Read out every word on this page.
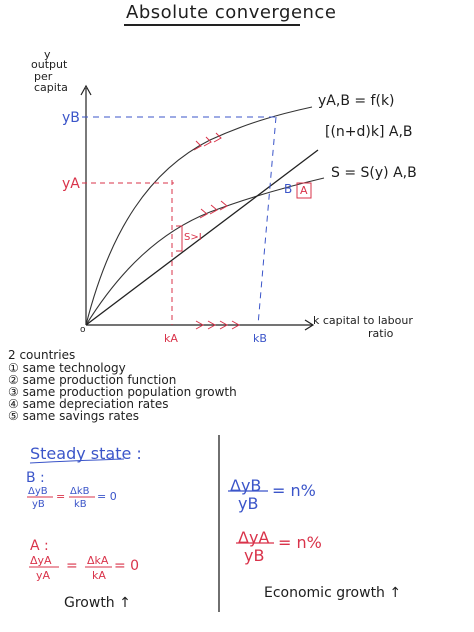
Absolute convergence
y
output
per
capita
yB
yA
kA	kB
o
yA,B = f(k)
[(n+d)k] A,B
S = S(y) A,B
B A
S>I
k capital to labour
ratio
2 countries
① same technology
② same production function
③ same production population growth
④ same depreciation rates
⑤ same savings rates
Steady state :
B :
ΔyB
yB
= ΔkB
kB
= 0
A :
ΔyA
yA
= ΔkA
kA
= 0
Growth ↑
ΔyB
yB
= n%
ΔyA
yB
= n%
Economic growth ↑
